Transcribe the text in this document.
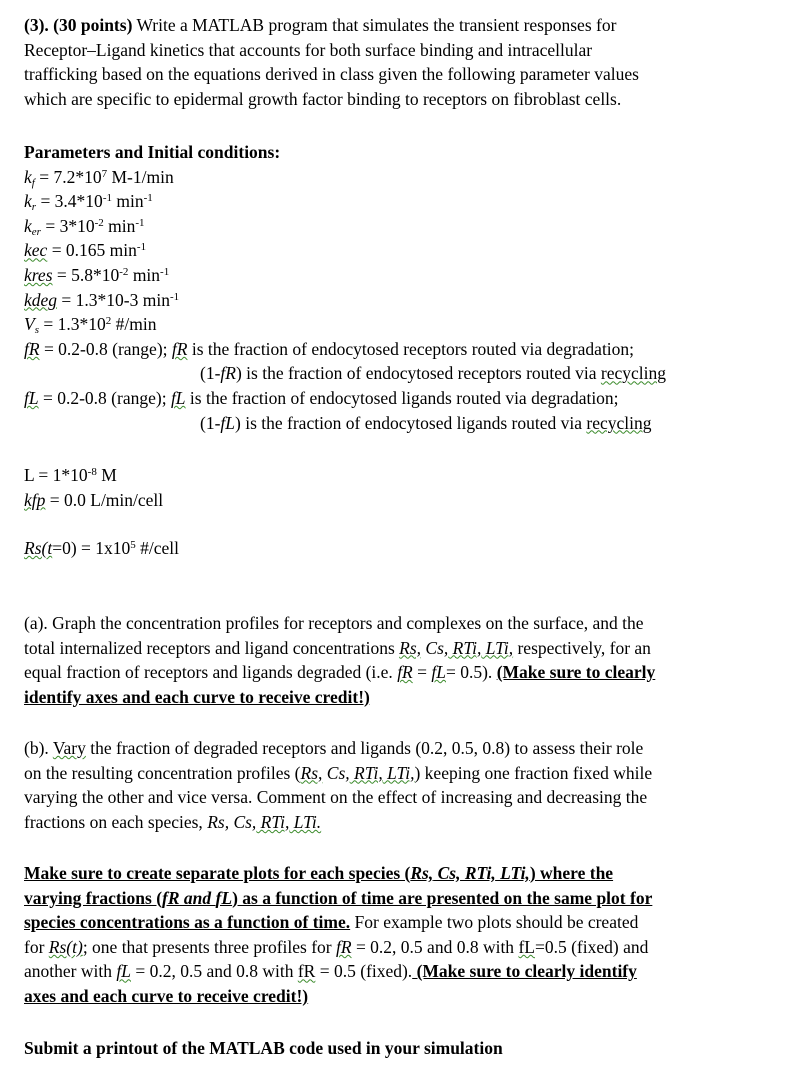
(3). (30 points) Write a MATLAB program that simulates the transient responses for
Receptor–Ligand kinetics that accounts for both surface binding and intracellular
trafficking based on the equations derived in class given the following parameter values
which are specific to epidermal growth factor binding to receptors on fibroblast cells.
Parameters and Initial conditions:
$k_f = 7.2*10^7$ M-1/min
$k_r = 3.4*10^{-1}$ $\min^{-1}$
$k_{er} = 3*10^{-2}$ $\min^{-1}$
kec = 0.165 $\min^{-1}$
kres = $5.8*10^{-2}$ $\min^{-1}$
kdeg = 1.3*10-3 $\min^{-1}$
$V_s = 1.3*10^2$ #/min
fR = 0.2-0.8 (range); fR is the fraction of endocytosed receptors routed via degradation;
(1-fR) is the fraction of endocytosed receptors routed via recycling
fL = 0.2-0.8 (range); fL is the fraction of endocytosed ligands routed via degradation;
(1-fL) is the fraction of endocytosed ligands routed via recycling
$L = 1*10^{-8}$ M
kfp = 0.0 L/min/cell
$Rs(t=0) = 1x10^5$ #/cell
(a). Graph the concentration profiles for receptors and complexes on the surface, and the
total internalized receptors and ligand concentrations Rs, Cs, RTi, LTi, respectively, for an
equal fraction of receptors and ligands degraded (i.e. fR = fL= 0.5). (Make sure to clearly
identify axes and each curve to receive credit!)
(b). Vary the fraction of degraded receptors and ligands (0.2, 0.5, 0.8) to assess their role
on the resulting concentration profiles (Rs, Cs, RTi, LTi,) keeping one fraction fixed while
varying the other and vice versa. Comment on the effect of increasing and decreasing the
fractions on each species, Rs, Cs, RTi, LTi.
Make sure to create separate plots for each species (Rs, Cs, RTi, LTi,) where the
varying fractions (fR and fL) as a function of time are presented on the same plot for
species concentrations as a function of time. For example two plots should be created
for Rs(t); one that presents three profiles for fR = 0.2, 0.5 and 0.8 with fL=0.5 (fixed) and
another with fL = 0.2, 0.5 and 0.8 with fR = 0.5 (fixed). (Make sure to clearly identify
axes and each curve to receive credit!)
Submit a printout of the MATLAB code used in your simulation
